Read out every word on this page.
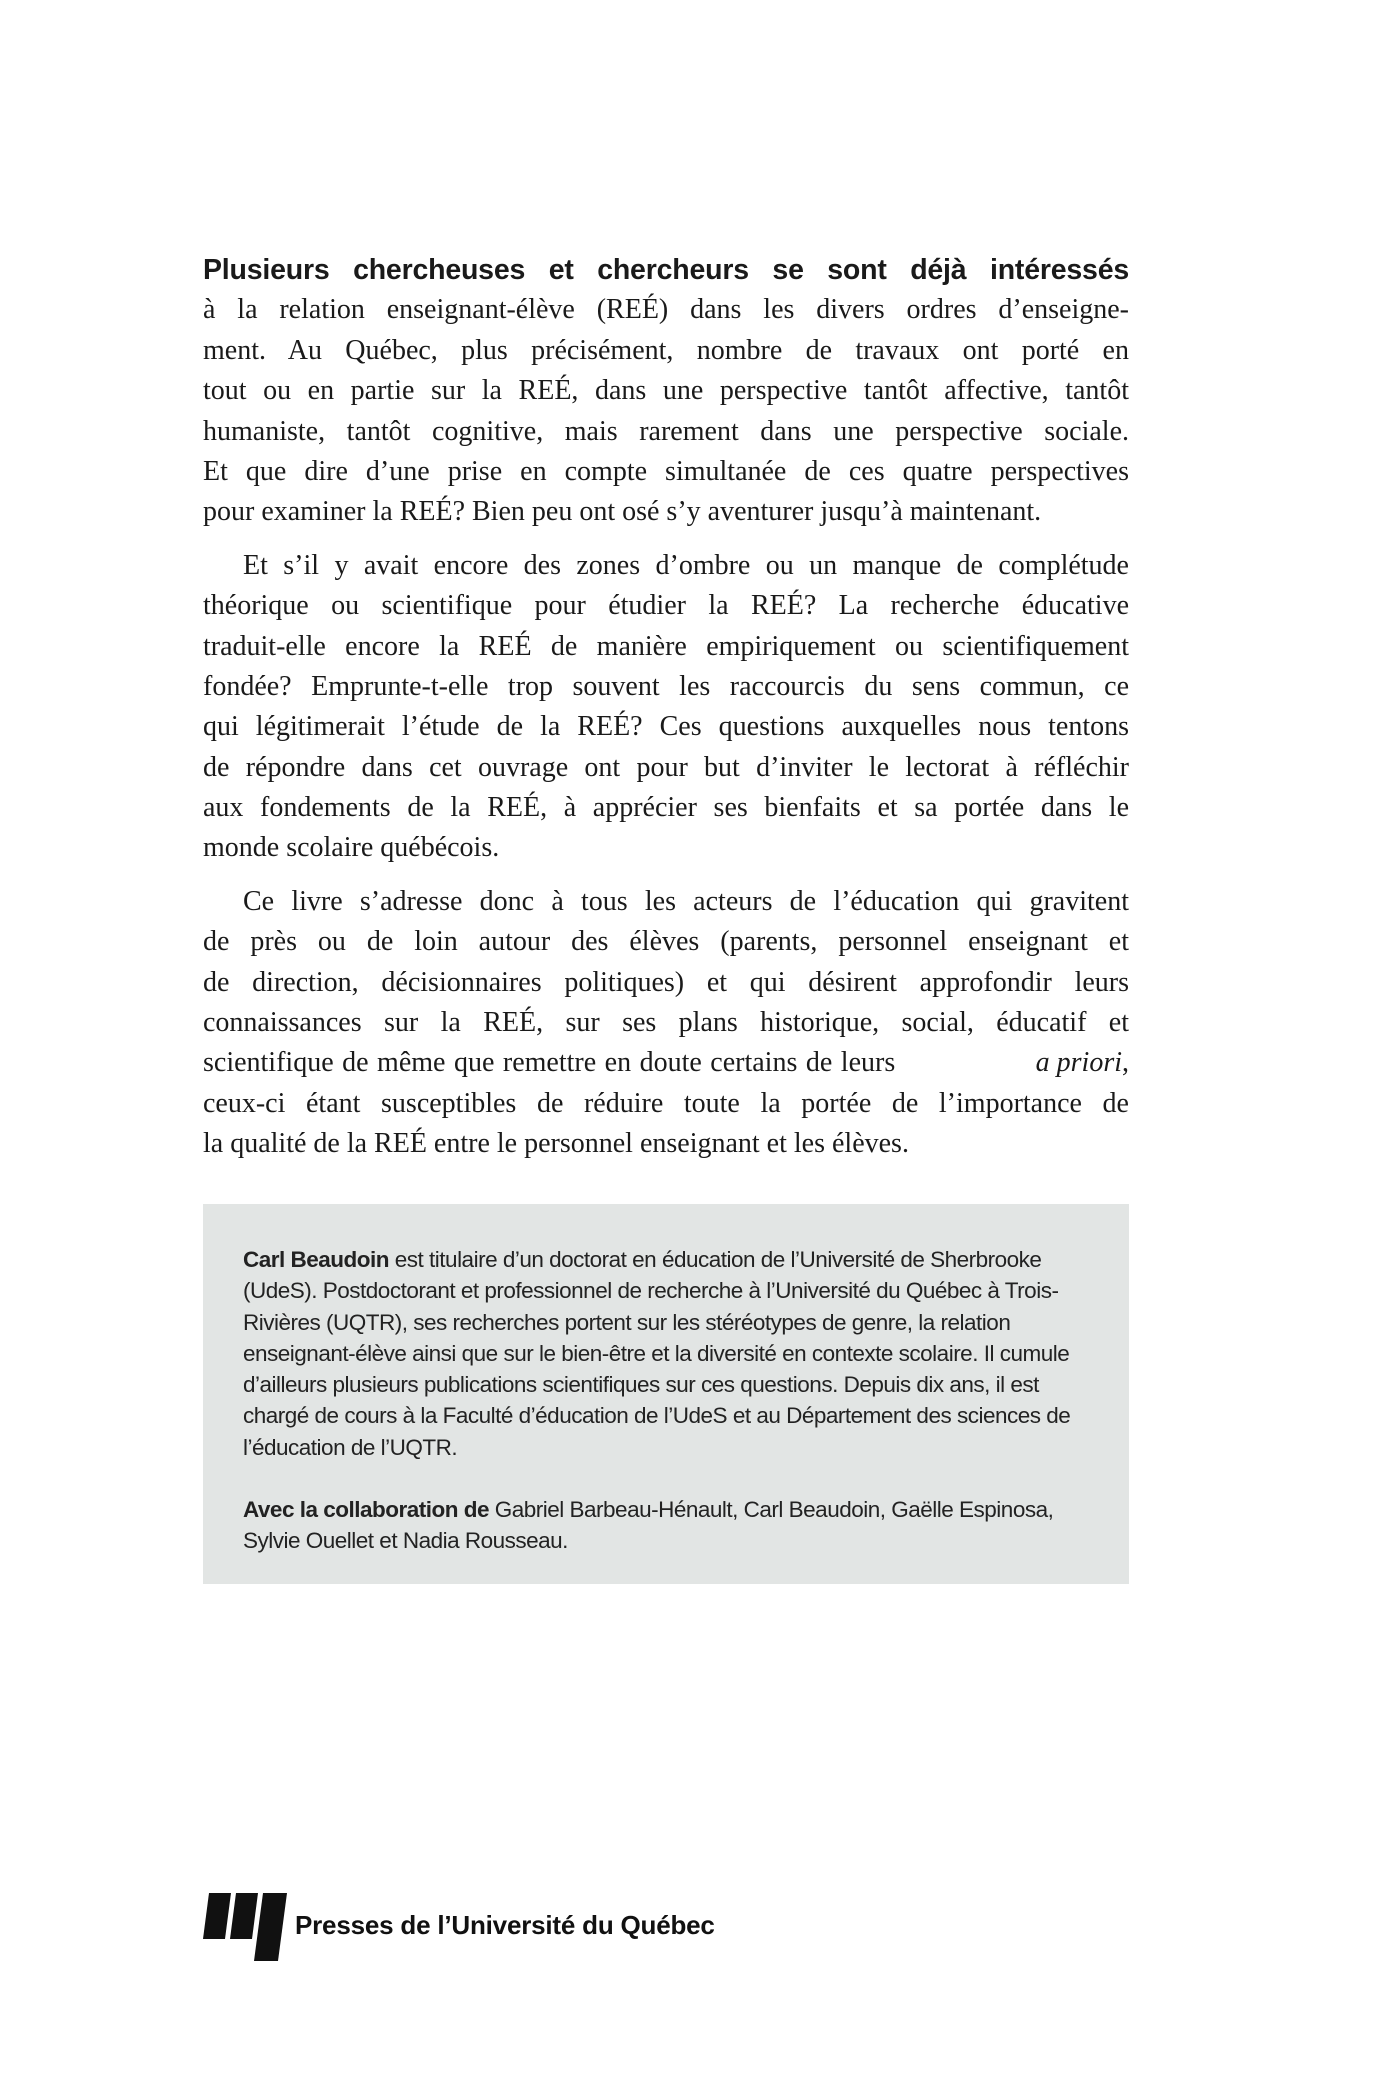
Plusieurs chercheuses et chercheurs se sont déjà intéressés
à la relation enseignant-élève (REÉ) dans les divers ordres d’enseigne-
ment. Au Québec, plus précisément, nombre de travaux ont porté en
tout ou en partie sur la REÉ, dans une perspective tantôt affective, tantôt
humaniste, tantôt cognitive, mais rarement dans une perspective sociale.
Et que dire d’une prise en compte simultanée de ces quatre perspectives
pour examiner la REÉ? Bien peu ont osé s’y aventurer jusqu’à maintenant.
Et s’il y avait encore des zones d’ombre ou un manque de complétude
théorique ou scientifique pour étudier la REÉ? La recherche éducative
traduit-elle encore la REÉ de manière empiriquement ou scientifiquement
fondée? Emprunte-t-elle trop souvent les raccourcis du sens commun, ce
qui légitimerait l’étude de la REÉ? Ces questions auxquelles nous tentons
de répondre dans cet ouvrage ont pour but d’inviter le lectorat à réfléchir
aux fondements de la REÉ, à apprécier ses bienfaits et sa portée dans le
monde scolaire québécois.
Ce livre s’adresse donc à tous les acteurs de l’éducation qui gravitent
de près ou de loin autour des élèves (parents, personnel enseignant et
de direction, décisionnaires politiques) et qui désirent approfondir leurs
connaissances sur la REÉ, sur ses plans historique, social, éducatif et
scientifique de même que remettre en doute certains de leurs	a priori,
ceux-ci étant susceptibles de réduire toute la portée de l’importance de
la qualité de la REÉ entre le personnel enseignant et les élèves.

Carl Beaudoin est titulaire d’un doctorat en éducation de l’Université de Sherbrooke (UdeS). Postdoctorant et professionnel de recherche à l’Université du Québec à Trois-Rivières (UQTR), ses recherches portent sur les stéréotypes de genre, la relation enseignant-élève ainsi que sur le bien-être et la diversité en contexte scolaire. Il cumule d’ailleurs plusieurs publications scientifiques sur ces questions. Depuis dix ans, il est chargé de cours à la Faculté d’éducation de l’UdeS et au Département des sciences de l’éducation de l’UQTR.

Avec la collaboration de Gabriel Barbeau-Hénault, Carl Beaudoin, Gaëlle Espinosa, Sylvie Ouellet et Nadia Rousseau.

Presses de l’Université du Québec
